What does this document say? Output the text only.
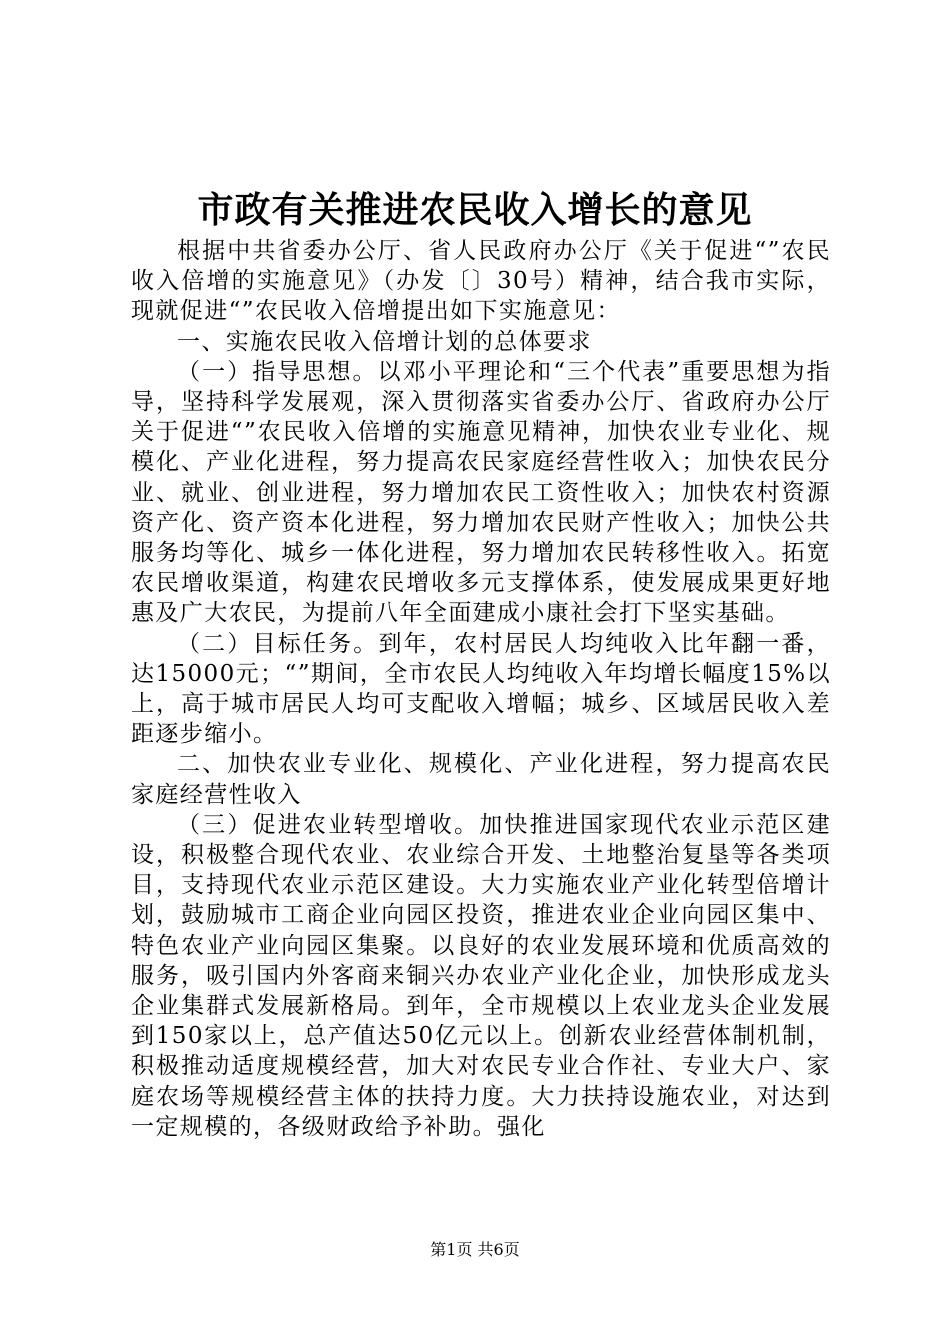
市政有关推进农民收入增长的意见

根据中共省委办公厅、省人民政府办公厅《关于促进“”农民收入倍增的实施意见》（办发〔〕30号）精神，结合我市实际，现就促进“”农民收入倍增提出如下实施意见：

一、实施农民收入倍增计划的总体要求

（一）指导思想。以邓小平理论和“三个代表”重要思想为指导，坚持科学发展观，深入贯彻落实省委办公厅、省政府办公厅关于促进“”农民收入倍增的实施意见精神，加快农业专业化、规模化、产业化进程，努力提高农民家庭经营性收入；加快农民分业、就业、创业进程，努力增加农民工资性收入；加快农村资源资产化、资产资本化进程，努力增加农民财产性收入；加快公共服务均等化、城乡一体化进程，努力增加农民转移性收入。拓宽农民增收渠道，构建农民增收多元支撑体系，使发展成果更好地惠及广大农民，为提前八年全面建成小康社会打下坚实基础。

（二）目标任务。到年，农村居民人均纯收入比年翻一番，达15000元；“”期间，全市农民人均纯收入年均增长幅度15%以上，高于城市居民人均可支配收入增幅；城乡、区域居民收入差距逐步缩小。

二、加快农业专业化、规模化、产业化进程，努力提高农民家庭经营性收入

（三）促进农业转型增收。加快推进国家现代农业示范区建设，积极整合现代农业、农业综合开发、土地整治复垦等各类项目，支持现代农业示范区建设。大力实施农业产业化转型倍增计划，鼓励城市工商企业向园区投资，推进农业企业向园区集中、特色农业产业向园区集聚。以良好的农业发展环境和优质高效的服务，吸引国内外客商来铜兴办农业产业化企业，加快形成龙头企业集群式发展新格局。到年，全市规模以上农业龙头企业发展到150家以上，总产值达50亿元以上。创新农业经营体制机制，积极推动适度规模经营，加大对农民专业合作社、专业大户、家庭农场等规模经营主体的扶持力度。大力扶持设施农业，对达到一定规模的，各级财政给予补助。强化

第1页 共6页
